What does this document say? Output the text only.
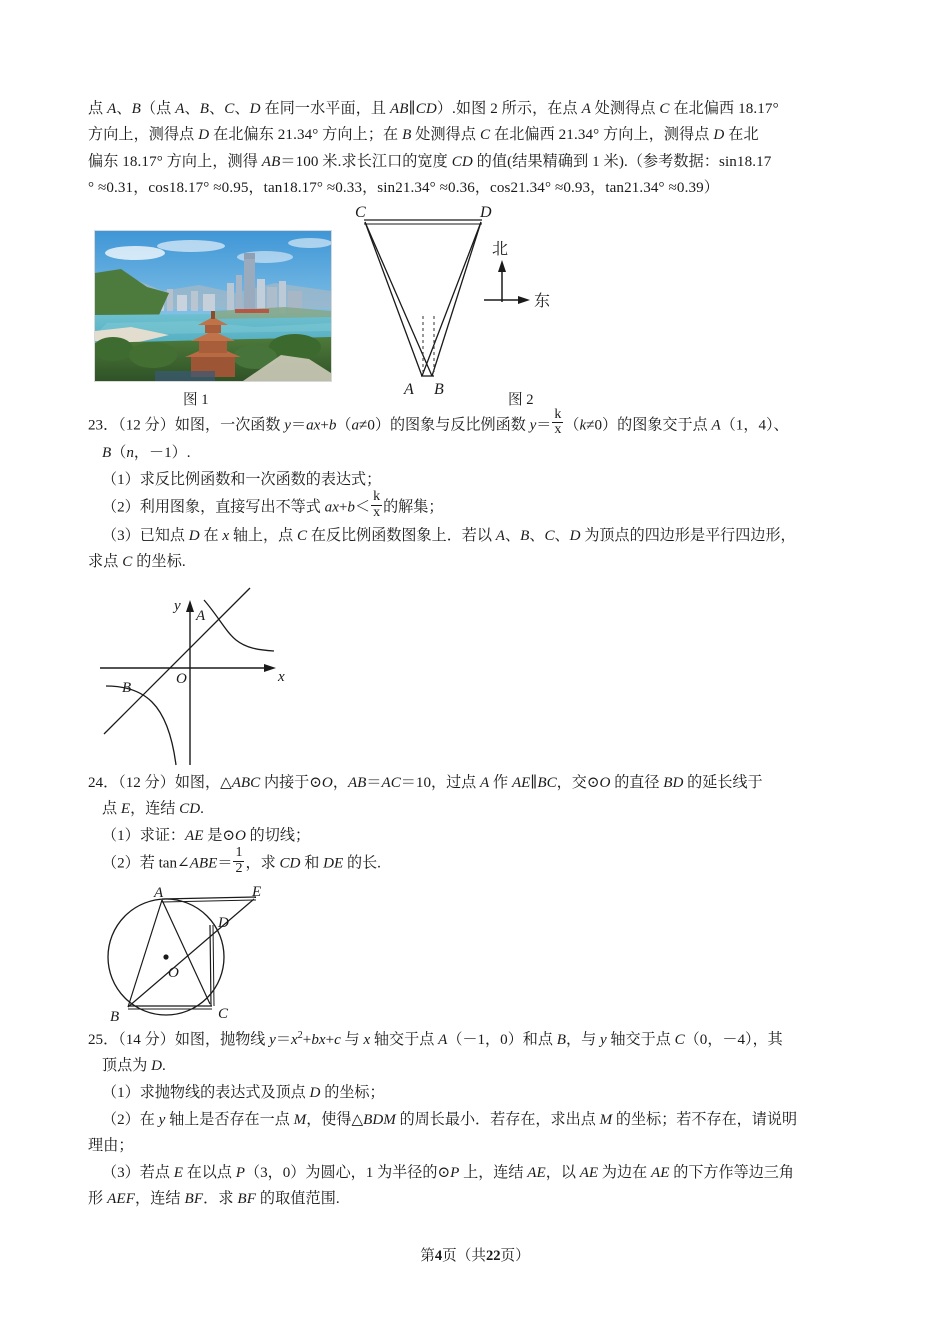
点 A、B（点 A、B、C、D 在同一水平面，且 AB∥CD）.如图 2 所示，在点 A 处测得点 C 在北偏西 18.17°
方向上，测得点 D 在北偏东 21.34° 方向上；在 B 处测得点 C 在北偏西 21.34° 方向上，测得点 D 在北
偏东 18.17° 方向上，测得 AB＝100 米.求长江口的宽度 CD 的值(结果精确到 1 米).（参考数据：sin18.17
° ≈0.31，cos18.17° ≈0.95，tan18.17° ≈0.33，sin21.34° ≈0.36，cos21.34° ≈0.93，tan21.34° ≈0.39）
图 1
C	D
A B
北
东
图 2
23．（12 分）如图，一次函数 y＝ax+b（a≠0）的图象与反比例函数 $y= \frac{k}{x} (k\ne 0)$的图象交于点 A（1，4）、
B（n，－1）.
（1）求反比例函数和一次函数的表达式；
（2）利用图象，直接写出不等式 $ax+b< \frac{k}{x}$ 的解集；
（3）已知点 D 在 x 轴上，点 C 在反比例函数图象上．若以 A、B、C、D 为顶点的四边形是平行四边形，
求点 C 的坐标.
y
x
O
A
B
24．（12 分）如图，△ABC 内接于⊙O，AB＝AC＝10，过点 A 作 AE∥BC，交⊙O 的直径 BD 的延长线于
点 E，连结 CD.
（1）求证：AE 是⊙O 的切线；
（2）若 tan∠ABE＝ $\frac{1}{2}$ ，求 CD 和 DE 的长.
A	E
D
O
B	C
25．（14 分）如图，抛物线 $y=x^2+bx+c$ 与 x 轴交于点 A（－1，0）和点 B，与 y 轴交于点 C（0，－4），其
顶点为 D.
（1）求抛物线的表达式及顶点 D 的坐标；
（2）在 y 轴上是否存在一点 M，使得△BDM 的周长最小．若存在，求出点 M 的坐标；若不存在，请说明
理由；
（3）若点 E 在以点 P（3，0）为圆心，1 为半径的⊙P 上，连结 AE，以 AE 为边在 AE 的下方作等边三角
形 AEF，连结 BF．求 BF 的取值范围.
第4页（共22页）
